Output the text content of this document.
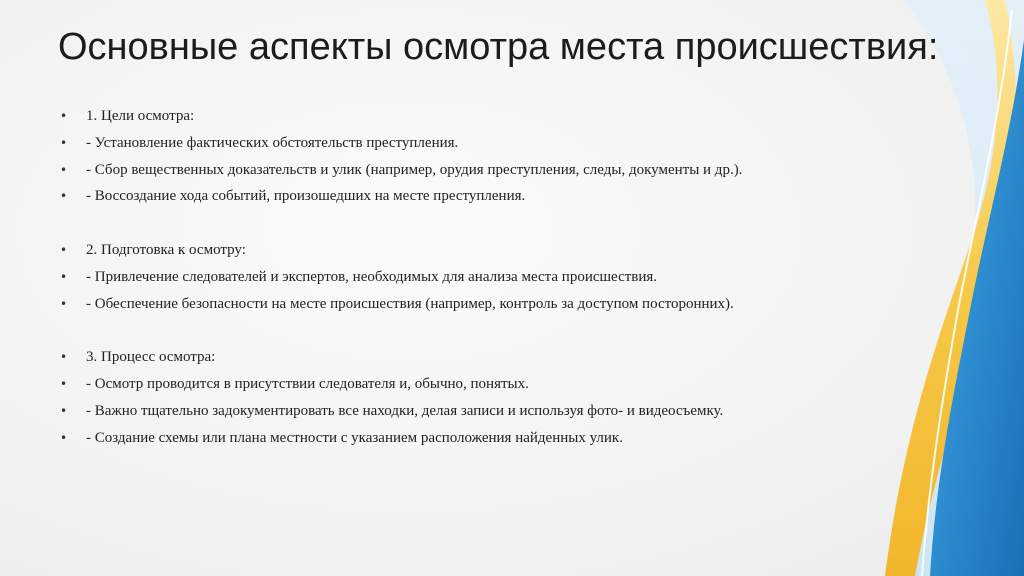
Основные аспекты осмотра места происшествия:
• 1. Цели осмотра:
• - Установление фактических обстоятельств преступления.
• - Сбор вещественных доказательств и улик (например, орудия преступления, следы, документы и др.).
• - Воссоздание хода событий, произошедших на месте преступления.
• 2. Подготовка к осмотру:
• - Привлечение следователей и экспертов, необходимых для анализа места происшествия.
• - Обеспечение безопасности на месте происшествия (например, контроль за доступом посторонних).
• 3. Процесс осмотра:
• - Осмотр проводится в присутствии следователя и, обычно, понятых.
• - Важно тщательно задокументировать все находки, делая записи и используя фото- и видеосъемку.
• - Создание схемы или плана местности с указанием расположения найденных улик.
